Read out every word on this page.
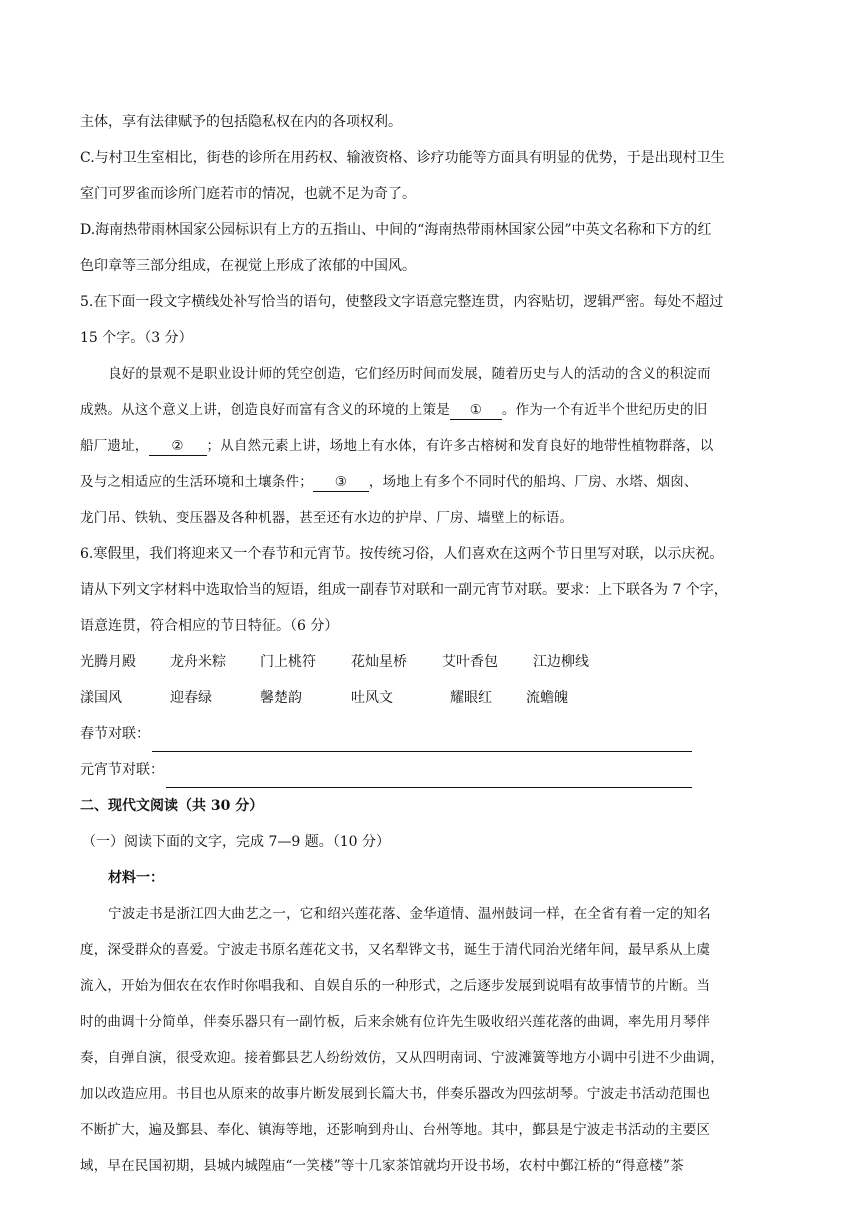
主体，享有法律赋予的包括隐私权在内的各项权利。
C.与村卫生室相比，街巷的诊所在用药权、输液资格、诊疗功能等方面具有明显的优势，于是出现村卫生
室门可罗雀而诊所门庭若市的情况，也就不足为奇了。
D.海南热带雨林国家公园标识有上方的五指山、中间的“海南热带雨林国家公园”中英文名称和下方的红
色印章等三部分组成，在视觉上形成了浓郁的中国风。
5.在下面一段文字横线处补写恰当的语句，使整段文字语意完整连贯，内容贴切，逻辑严密。每处不超过
15 个字。（3 分）
良好的景观不是职业设计师的凭空创造，它们经历时间而发展，随着历史与人的活动的含义的积淀而
成熟。从这个意义上讲，创造良好而富有含义的环境的上策是 ① 。作为一个有近半个世纪历史的旧
船厂遗址， ② ；从自然元素上讲，场地上有水体，有许多古榕树和发育良好的地带性植物群落，以
及与之相适应的生活环境和土壤条件； ③ ，场地上有多个不同时代的船坞、厂房、水塔、烟囱、
龙门吊、铁轨、变压器及各种机器，甚至还有水边的护岸、厂房、墙壁上的标语。
6.寒假里，我们将迎来又一个春节和元宵节。按传统习俗，人们喜欢在这两个节日里写对联，以示庆祝。
请从下列文字材料中选取恰当的短语，组成一副春节对联和一副元宵节对联。要求：上下联各为 7 个字，
语意连贯，符合相应的节日特征。（6 分）
光腾月殿 龙舟米粽 门上桃符	花灿星桥	艾叶香包	江边柳线
漾国风	迎春绿	馨楚韵	吐风文	耀眼红 流蟾魄
春节对联：
元宵节对联：
二、现代文阅读（共 30 分）
（一）阅读下面的文字，完成 7—9 题。（10 分）
材料一：
宁波走书是浙江四大曲艺之一，它和绍兴莲花落、金华道情、温州鼓词一样，在全省有着一定的知名
度，深受群众的喜爱。宁波走书原名莲花文书，又名犁铧文书，诞生于清代同治光绪年间，最早系从上虞
流入，开始为佃农在农作时你唱我和、自娱自乐的一种形式，之后逐步发展到说唱有故事情节的片断。当
时的曲调十分简单，伴奏乐器只有一副竹板，后来余姚有位许先生吸收绍兴莲花落的曲调，率先用月琴伴
奏，自弹自演，很受欢迎。接着鄞县艺人纷纷效仿，又从四明南词、宁波滩簧等地方小调中引进不少曲调，
加以改造应用。书目也从原来的故事片断发展到长篇大书，伴奏乐器改为四弦胡琴。宁波走书活动范围也
不断扩大，遍及鄞县、奉化、镇海等地，还影响到舟山、台州等地。其中，鄞县是宁波走书活动的主要区
域，早在民国初期，县城内城隍庙“一笑楼”等十几家茶馆就均开设书场，农村中鄞江桥的“得意楼”茶
